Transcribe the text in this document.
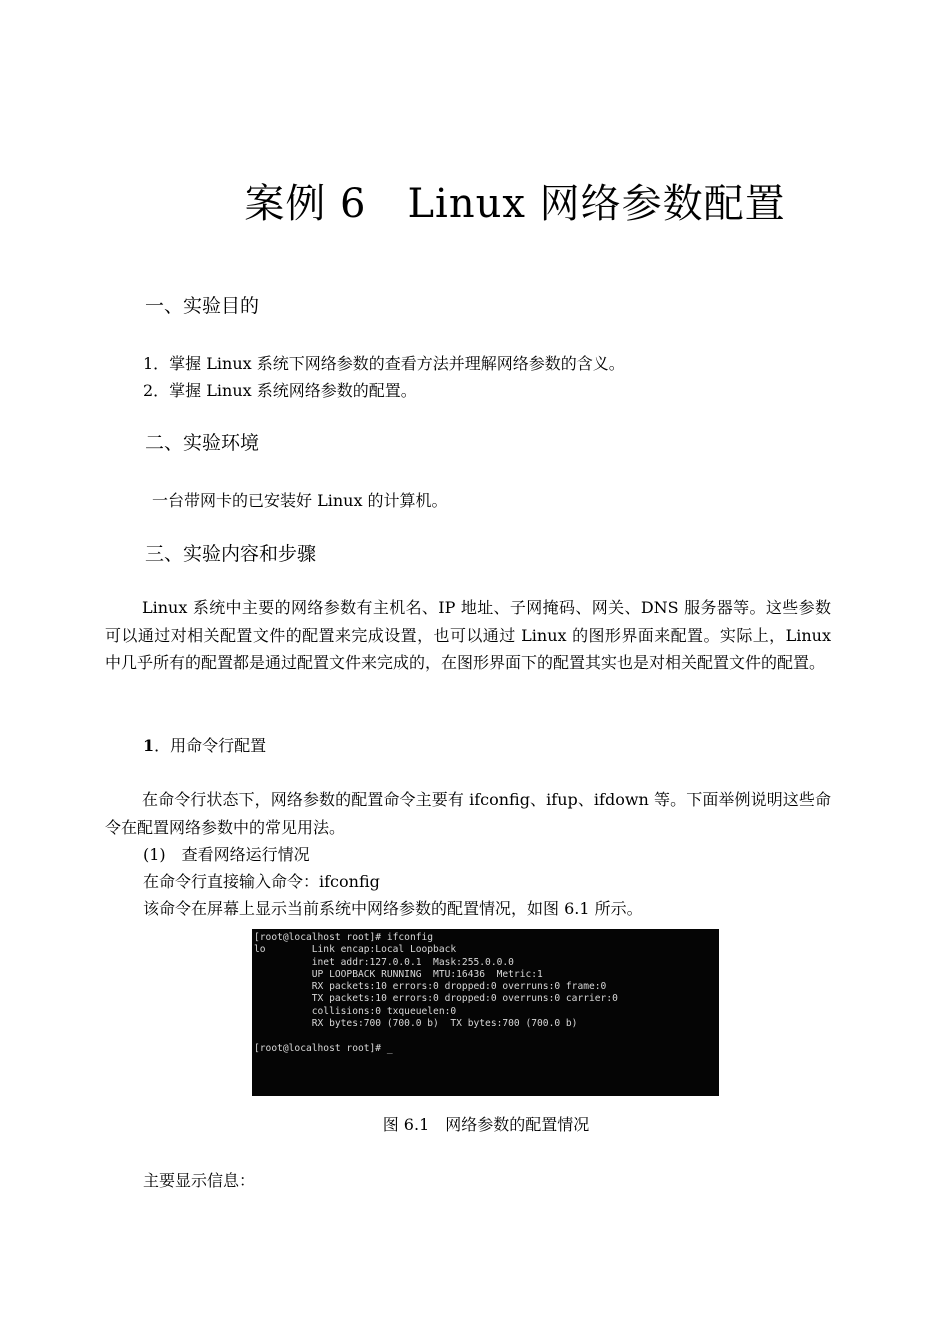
案例 6　Linux 网络参数配置
一、实验目的
1．掌握 Linux 系统下网络参数的查看方法并理解网络参数的含义。
2．掌握 Linux 系统网络参数的配置。
二、实验环境
一台带网卡的已安装好 Linux 的计算机。
三、实验内容和步骤
Linux 系统中主要的网络参数有主机名、IP 地址、子网掩码、网关、DNS 服务器等。这些参数可以通过对相关配置文件的配置来完成设置，也可以通过 Linux 的图形界面来配置。实际上，Linux 中几乎所有的配置都是通过配置文件来完成的，在图形界面下的配置其实也是对相关配置文件的配置。
1．用命令行配置
在命令行状态下，网络参数的配置命令主要有 ifconfig、ifup、ifdown 等。下面举例说明这些命令在配置网络参数中的常见用法。
(1)　查看网络运行情况
在命令行直接输入命令：ifconfig
该命令在屏幕上显示当前系统中网络参数的配置情况，如图 6.1 所示。
[root@localhost root]# ifconfig
lo        Link encap:Local Loopback
inet addr:127.0.0.1  Mask:255.0.0.0
UP LOOPBACK RUNNING  MTU:16436  Metric:1
RX packets:10 errors:0 dropped:0 overruns:0 frame:0
TX packets:10 errors:0 dropped:0 overruns:0 carrier:0
collisions:0 txqueuelen:0
RX bytes:700 (700.0 b)  TX bytes:700 (700.0 b)
[root@localhost root]# _
图 6.1　网络参数的配置情况
主要显示信息：
